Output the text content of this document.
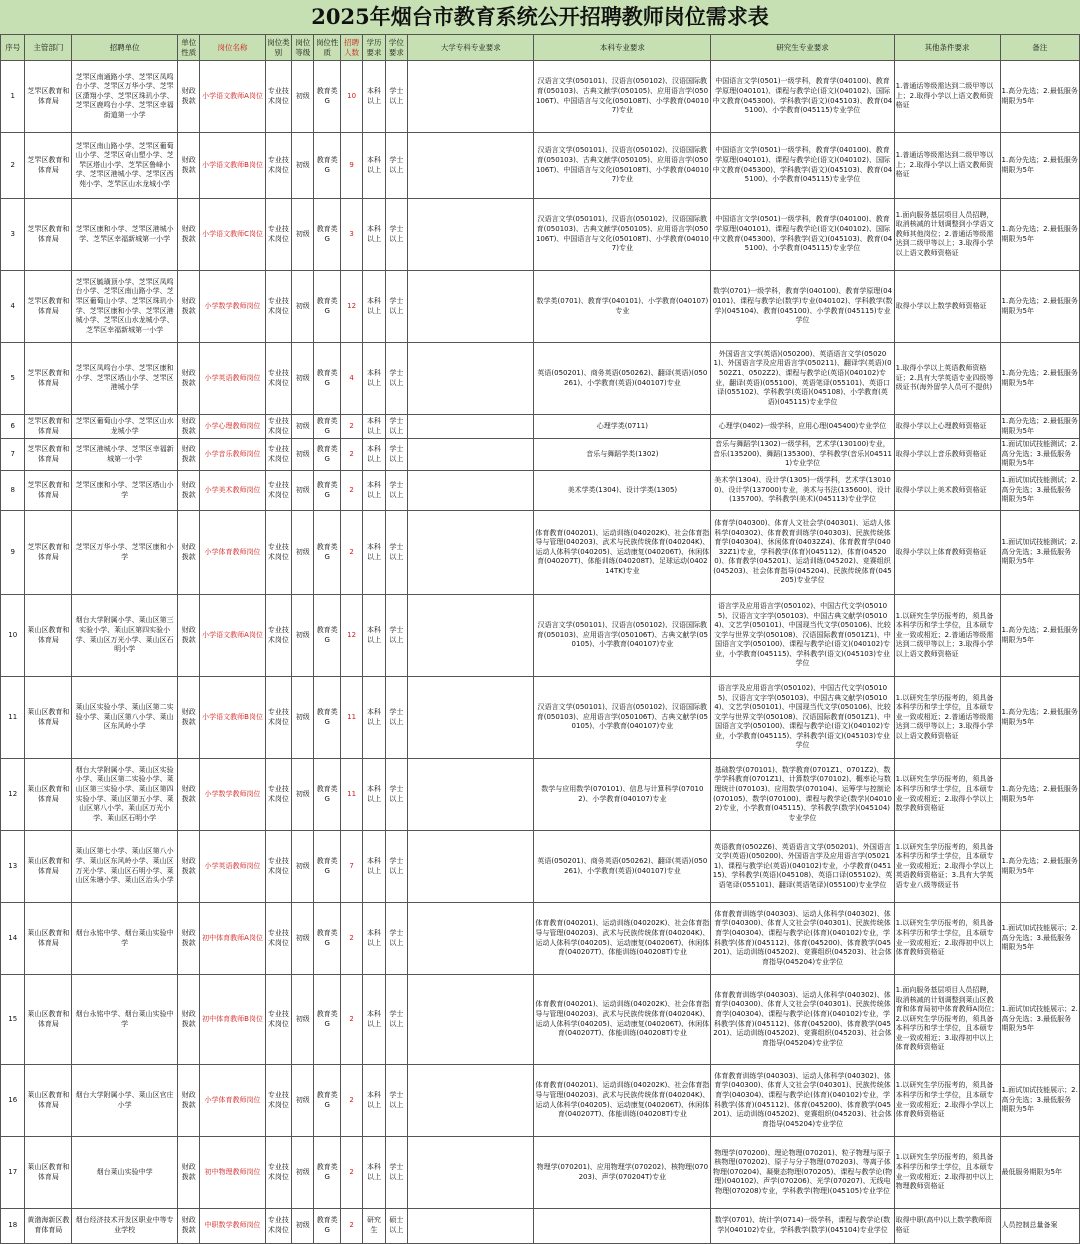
2025年烟台市教育系统公开招聘教师岗位需求表
序号	主管部门	招聘单位	单位性质	岗位名称	岗位类别	岗位等级	岗位性质	招聘人数	学历要求	学位要求	大学专科专业要求	本科专业要求	研究生专业要求	其他条件要求	备注
1	芝罘区教育和体育局	芝罘区南通路小学、芝罘区凤鸣台小学、芝罘区万华小学、芝罘区潇翔小学、芝罘区珠玑小学、芝罘区鹿鸣台小学、芝罘区幸福街道第一小学	财政拨款	小学语文教师A岗位	专业技术岗位	初级	教育类G	10	本科以上	学士以上		汉语言文学(050101)、汉语言(050102)、汉语国际教育(050103)、古典文献学(050105)、应用语言学(050106T)、中国语言与文化(050108T)、小学教育(040107)专业	中国语言文学(0501)一级学科，教育学(040100)、教育学原理(040101)、课程与教学论(语文)(040102)、国际中文教育(045300)、学科教学(语文)(045103)、教育(045100)、小学教育(045115)专业学位	1.普通话等级需达到二级甲等以上；2.取得小学以上语文教师资格证	1.高分先选；2.最低服务期限为5年
2	芝罘区教育和体育局	芝罘区南山路小学、芝罘区葡萄山小学、芝罘区奇山塑小学、芝罘区塔山小学、芝罘区鲁峰小学、芝罘区港城小学、芝罘区西苑小学、芝罘区山水龙城小学	财政拨款	小学语文教师B岗位	专业技术岗位	初级	教育类G	9	本科以上	学士以上		汉语言文学(050101)、汉语言(050102)、汉语国际教育(050103)、古典文献学(050105)、应用语言学(050106T)、中国语言与文化(050108T)、小学教育(040107)专业	中国语言文学(0501)一级学科，教育学(040100)、教育学原理(040101)、课程与教学论(语文)(040102)、国际中文教育(045300)、学科教学(语文)(045103)、教育(045100)、小学教育(045115)专业学位	1.普通话等级需达到二级甲等以上；2.取得小学以上语文教师资格证	1.高分先选；2.最低服务期限为5年
3	芝罘区教育和体育局	芝罘区康和小学、芝罘区港城小学、芝罘区幸福新城第一小学	财政拨款	小学语文教师C岗位	专业技术岗位	初级	教育类G	3	本科以上	学士以上		汉语言文学(050101)、汉语言(050102)、汉语国际教育(050103)、古典文献学(050105)、应用语言学(050106T)、中国语言与文化(050108T)、小学教育(040107)专业	中国语言文学(0501)一级学科，教育学(040100)、教育学原理(040101)、课程与教学论(语文)(040102)、国际中文教育(045300)、学科教学(语文)(045103)、教育(045100)、小学教育(045115)专业学位	1.面向服务基层项目人员招聘，取消核减的计划调整到小学语文教师其他岗位；2.普通话等级需达到二级甲等以上；3.取得小学以上语文教师资格证	1.高分先选；2.最低服务期限为5年
4	芝罘区教育和体育局	芝罘区毓璜顶小学、芝罘区凤鸣台小学、芝罘区南山路小学、芝罘区葡萄山小学、芝罘区珠玑小学、芝罘区康和小学、芝罘区港城小学、芝罘区山水龙城小学、芝罘区幸福新城第一小学	财政拨款	小学数学教师岗位	专业技术岗位	初级	教育类G	12	本科以上	学士以上		数学类(0701)、教育学(040101)、小学教育(040107)专业	数学(0701)一级学科，教育学(040100)、教育学原理(040101)、课程与教学论(数学)专业(040102)、学科教学(数学)(045104)、教育(045100)、小学教育(045115)专业学位	取得小学以上数学教师资格证	1.高分先选；2.最低服务期限为5年
5	芝罘区教育和体育局	芝罘区凤鸣台小学、芝罘区康和小学、芝罘区塔山小学、芝罘区港城小学	财政拨款	小学英语教师岗位	专业技术岗位	初级	教育类G	4	本科以上	学士以上		英语(050201)、商务英语(050262)、翻译(英语)(050261)、小学教育(英语)(040107)专业	外国语言文学(英语)(050200)、英语语言文学(050201)、外国语言学及应用语言学(050211)、翻译学(英语)(0502Z1、0502Z2)、课程与教学论(英语)(040102)专业，翻译(英语)(055100)、英语笔译(055101)、英语口译(055102)、学科教学(英语)(045108)、小学教育(英语)(045115)专业学位	1.取得小学以上英语教师资格证；2.具有大学英语专业四级等级证书(海外留学人员可不提供)	1.高分先选；2.最低服务期限为5年
6	芝罘区教育和体育局	芝罘区葡萄山小学、芝罘区山水龙城小学	财政拨款	小学心理教师岗位	专业技术岗位	初级	教育类G	2	本科以上	学士以上		心理学类(0711)	心理学(0402)一级学科，应用心理(045400)专业学位	取得小学以上心理教师资格证	1.高分先选；2.最低服务期限为5年
7	芝罘区教育和体育局	芝罘区港城小学、芝罘区幸福新城第一小学	财政拨款	小学音乐教师岗位	专业技术岗位	初级	教育类G	2	本科以上	学士以上		音乐与舞蹈学类(1302)	音乐与舞蹈学(1302)一级学科，艺术学(130100)专业，音乐(135200)、舞蹈(135300)、学科教学(音乐)(045111)专业学位	取得小学以上音乐教师资格证	1.面试加试技能测试；2.高分先选；3.最低服务期限为5年
8	芝罘区教育和体育局	芝罘区康和小学、芝罘区塔山小学	财政拨款	小学美术教师岗位	专业技术岗位	初级	教育类G	2	本科以上	学士以上		美术学类(1304)、设计学类(1305)	美术学(1304)、设计学(1305)一级学科，艺术学(130100)、设计学(137000)专业，美术与书法(135600)、设计(135700)、学科教学(美术)(045113)专业学位	取得小学以上美术教师资格证	1.面试加试技能测试；2.高分先选；3.最低服务期限为5年
9	芝罘区教育和体育局	芝罘区万华小学、芝罘区康和小学	财政拨款	小学体育教师岗位	专业技术岗位	初级	教育类G	2	本科以上	学士以上		体育教育(040201)、运动训练(040202K)、社会体育指导与管理(040203)、武术与民族传统体育(040204K)、运动人体科学(040205)、运动康复(040206T)、休闲体育(040207T)、体能训练(040208T)、足球运动(040214TK)专业	体育学(040300)、体育人文社会学(040301)、运动人体科学(040302)、体育教育训练学(040303)、民族传统体育学(040304)、休闲体育(04032Z4)、体育教育学(04032Z1)专业，学科教学(体育)(045112)、体育(045200)、体育教学(045201)、运动训练(045202)、竞赛组织(045203)、社会体育指导(045204)、民族传统体育(045205)专业学位	取得小学以上体育教师资格证	1.面试加试技能测试；2.高分先选；3.最低服务期限为5年
10	莱山区教育和体育局	烟台大学附属小学、莱山区第三实验小学、莱山区第四实验小学、莱山区万光小学、莱山区石明小学	财政拨款	小学语文教师A岗位	专业技术岗位	初级	教育类G	12	本科以上	学士以上		汉语言文学(050101)、汉语言(050102)、汉语国际教育(050103)、应用语言学(050106T)、古典文献学(050105)、小学教育(040107)专业	语言学及应用语言学(050102)、中国古代文学(050105)、汉语言文字学(050103)、中国古典文献学(050104)、文艺学(050101)、中国现当代文学(050106)、比较文学与世界文学(050108)、汉语国际教育(0501Z1)、中国语言文学(050100)、课程与教学论(语文)(040102)专业，小学教育(045115)、学科教学(语文)(045103)专业学位	1.以研究生学历报考的，须具备本科学历和学士学位，且本硕专业一致或相近；2.普通话等级需达到二级甲等以上；3.取得小学以上语文教师资格证	1.高分先选；2.最低服务期限为5年
11	莱山区教育和体育局	莱山区实验小学、莱山区第二实验小学、莱山区第八小学、莱山区东风岭小学	财政拨款	小学语文教师B岗位	专业技术岗位	初级	教育类G	11	本科以上	学士以上		汉语言文学(050101)、汉语言(050102)、汉语国际教育(050103)、应用语言学(050106T)、古典文献学(050105)、小学教育(040107)专业	语言学及应用语言学(050102)、中国古代文学(050105)、汉语言文字学(050103)、中国古典文献学(050104)、文艺学(050101)、中国现当代文学(050106)、比较文学与世界文学(050108)、汉语国际教育(0501Z1)、中国语言文学(050100)、课程与教学论(语文)(040102)专业，小学教育(045115)、学科教学(语文)(045103)专业学位	1.以研究生学历报考的，须具备本科学历和学士学位，且本硕专业一致或相近；2.普通话等级需达到二级甲等以上；3.取得小学以上语文教师资格证	1.高分先选；2.最低服务期限为5年
12	莱山区教育和体育局	烟台大学附属小学、莱山区实验小学、莱山区第二实验小学、莱山区第三实验小学、莱山区第四实验小学、莱山区第五小学、莱山区第八小学、莱山区万光小学、莱山区石明小学	财政拨款	小学数学教师岗位	专业技术岗位	初级	教育类G	11	本科以上	学士以上		数学与应用数学(070101)、信息与计算科学(070102)、小学教育(040107)专业	基础数学(070101)、数学教育(0701Z1、0701Z2)、数学学科教育(0701Z1)、计算数学(070102)、概率论与数理统计(070103)、应用数学(070104)、运筹学与控制论(070105)、数学(070100)、课程与教学论(数学)(040102)专业，小学教育(045115)、学科教学(数学)(045104)专业学位	1.以研究生学历报考的，须具备本科学历和学士学位，且本硕专业一致或相近；2.取得小学以上数学教师资格证	1.高分先选；2.最低服务期限为5年
13	莱山区教育和体育局	莱山区第七小学、莱山区第八小学、莱山区东风岭小学、莱山区万光小学、莱山区石明小学、莱山区朱塘小学、莱山区治头小学	财政拨款	小学英语教师岗位	专业技术岗位	初级	教育类G	7	本科以上	学士以上		英语(050201)、商务英语(050262)、翻译(英语)(050261)、小学教育(英语)(040107)专业	英语教育(0502Z6)、英语语言文学(050201)、外国语言文学(英语)(050200)、外国语言学及应用语言学(050211)、课程与教学论(英语)(040102)专业，小学教育(045115)、学科教学(英语)(045108)、英语口译(055102)、英语笔译(055101)、翻译(英语笔译)(055100)专业学位	1.以研究生学历报考的，须具备本科学历和学士学位，且本硕专业一致或相近；2.取得小学以上英语教师资格证；3.具有大学英语专业八级等级证书	1.高分先选；2.最低服务期限为5年
14	莱山区教育和体育局	烟台永铭中学、烟台莱山实验中学	财政拨款	初中体育教师A岗位	专业技术岗位	初级	教育类G	2	本科以上	学士以上		体育教育(040201)、运动训练(040202K)、社会体育指导与管理(040203)、武术与民族传统体育(040204K)、运动人体科学(040205)、运动康复(040206T)、休闲体育(040207T)、体能训练(040208T)专业	体育教育训练学(040303)、运动人体科学(040302)、体育学(040300)、体育人文社会学(040301)、民族传统体育学(040304)、课程与教学论(体育)(040102)专业，学科教学(体育)(045112)、体育(045200)、体育教学(045201)、运动训练(045202)、竞赛组织(045203)、社会体育指导(045204)专业学位	1.以研究生学历报考的，须具备本科学历和学士学位，且本硕专业一致或相近；2.取得初中以上体育教师资格证	1.面试加试技能展示；2.高分先选；3.最低服务期限为5年
15	莱山区教育和体育局	烟台永铭中学、烟台莱山实验中学	财政拨款	初中体育教师B岗位	专业技术岗位	初级	教育类G	2	本科以上	学士以上		体育教育(040201)、运动训练(040202K)、社会体育指导与管理(040203)、武术与民族传统体育(040204K)、运动人体科学(040205)、运动康复(040206T)、休闲体育(040207T)、体能训练(040208T)专业	体育教育训练学(040303)、运动人体科学(040302)、体育学(040300)、体育人文社会学(040301)、民族传统体育学(040304)、课程与教学论(体育)(040102)专业，学科教学(体育)(045112)、体育(045200)、体育教学(045201)、运动训练(045202)、竞赛组织(045203)、社会体育指导(045204)专业学位	1.面向服务基层项目人员招聘，取消核减的计划调整到莱山区教育和体育局初中体育教师A岗位；2.以研究生学历报考的，须具备本科学历和学士学位，且本硕专业一致或相近；3.取得初中以上体育教师资格证	1.面试加试技能展示；2.高分先选；3.最低服务期限为5年
16	莱山区教育和体育局	烟台大学附属小学、莱山区官庄小学	财政拨款	小学体育教师岗位	专业技术岗位	初级	教育类G	2	本科以上	学士以上		体育教育(040201)、运动训练(040202K)、社会体育指导与管理(040203)、武术与民族传统体育(040204K)、运动人体科学(040205)、运动康复(040206T)、休闲体育(040207T)、体能训练(040208T)专业	体育教育训练学(040303)、运动人体科学(040302)、体育学(040300)、体育人文社会学(040301)、民族传统体育学(040304)、课程与教学论(体育)(040102)专业，学科教学(体育)(045112)、体育(045200)、体育教学(045201)、运动训练(045202)、竞赛组织(045203)、社会体育指导(045204)专业学位	1.以研究生学历报考的，须具备本科学历和学士学位，且本硕专业一致或相近；2.取得小学以上体育教师资格证	1.面试加试技能展示；2.高分先选；3.最低服务期限为5年
17	莱山区教育和体育局	烟台莱山实验中学	财政拨款	初中物理教师岗位	专业技术岗位	初级	教育类G	2	本科以上	学士以上		物理学(070201)、应用物理学(070202)、核物理(070203)、声学(070204T)专业	物理学(070200)、理论物理(070201)、粒子物理与原子核物理(070202)、原子与分子物理(070203)、等离子体物理(070204)、凝聚态物理(070205)、课程与教学论(物理)(040102)、声学(070206)、光学(070207)、无线电物理(070208)专业，学科教学(物理)(045105)专业学位	1.以研究生学历报考的，须具备本科学历和学士学位，且本硕专业一致或相近；2.取得初中以上物理教师资格证	最低服务期限为5年
18	黄渤海新区教育体育局	烟台经济技术开发区职业中等专业学校	财政拨款	中职数学教师岗位	专业技术岗位	初级	教育类G	2	研究生	硕士以上			数学(0701)、统计学(0714)一级学科，课程与教学论(数学)(040102)专业，学科教学(数学)(045104)专业学位	取得中职(高中)以上数学教师资格证	人员控制总量备案
